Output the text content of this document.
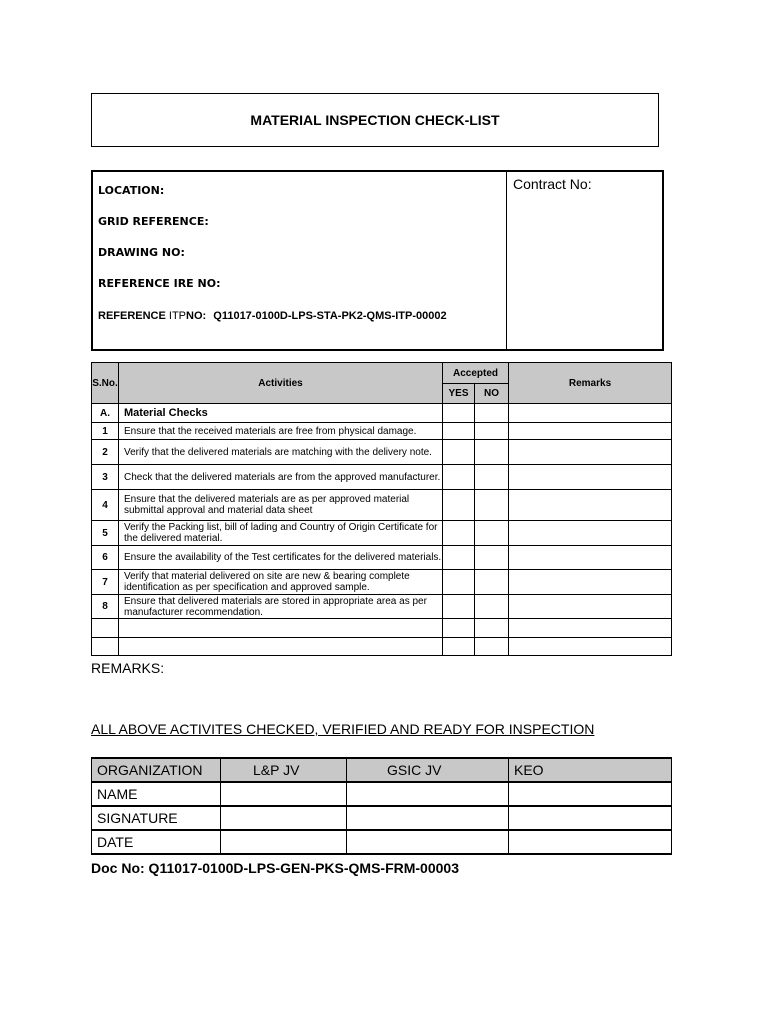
MATERIAL INSPECTION CHECK-LIST
LOCATION:
GRID REFERENCE:
DRAWING NO:
REFERENCE IRE NO:
REFERENCE ITPNO: Q11017-0100D-LPS-STA-PK2-QMS-ITP-00002
Contract No:
S.No.	Activities	Accepted		Remarks
		YES	NO	
A.	Material Checks			
1	Ensure that the received materials are free from physical damage.			
2	Verify that the delivered materials are matching with the delivery note.			
3	Check that the delivered materials are from the approved manufacturer.			
4	Ensure that the delivered materials are as per approved material submittal approval and material data sheet			
5	Verify the Packing list, bill of lading and Country of Origin Certificate for the delivered material.			
6	Ensure the availability of the Test certificates for the delivered materials.			
7	Verify that material delivered on site are new & bearing complete identification as per specification and approved sample.			
8	Ensure that delivered materials are stored in appropriate area as per manufacturer recommendation.			

REMARKS:
ALL ABOVE ACTIVITES CHECKED, VERIFIED AND READY FOR INSPECTION
ORGANIZATION	L&P JV	GSIC JV	KEO
NAME			
SIGNATURE			
DATE			
Doc No: Q11017-0100D-LPS-GEN-PKS-QMS-FRM-00003
